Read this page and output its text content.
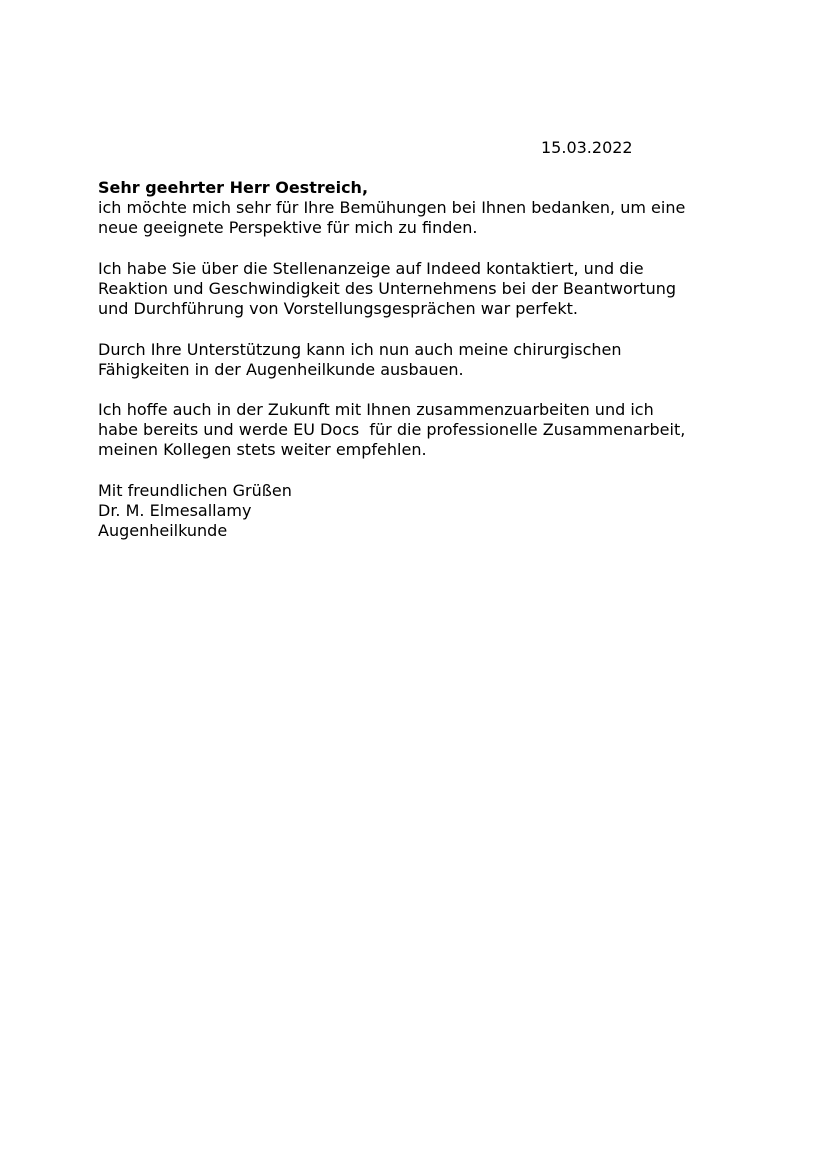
15.03.2022
Sehr geehrter Herr Oestreich,
ich möchte mich sehr für Ihre Bemühungen bei Ihnen bedanken, um eine
neue geeignete Perspektive für mich zu finden.
Ich habe Sie über die Stellenanzeige auf Indeed kontaktiert, und die
Reaktion und Geschwindigkeit des Unternehmens bei der Beantwortung
und Durchführung von Vorstellungsgesprächen war perfekt.
Durch Ihre Unterstützung kann ich nun auch meine chirurgischen
Fähigkeiten in der Augenheilkunde ausbauen.
Ich hoffe auch in der Zukunft mit Ihnen zusammenzuarbeiten und ich
habe bereits und werde EU Docs  für die professionelle Zusammenarbeit,
meinen Kollegen stets weiter empfehlen.
Mit freundlichen Grüßen
Dr. M. Elmesallamy
Augenheilkunde
